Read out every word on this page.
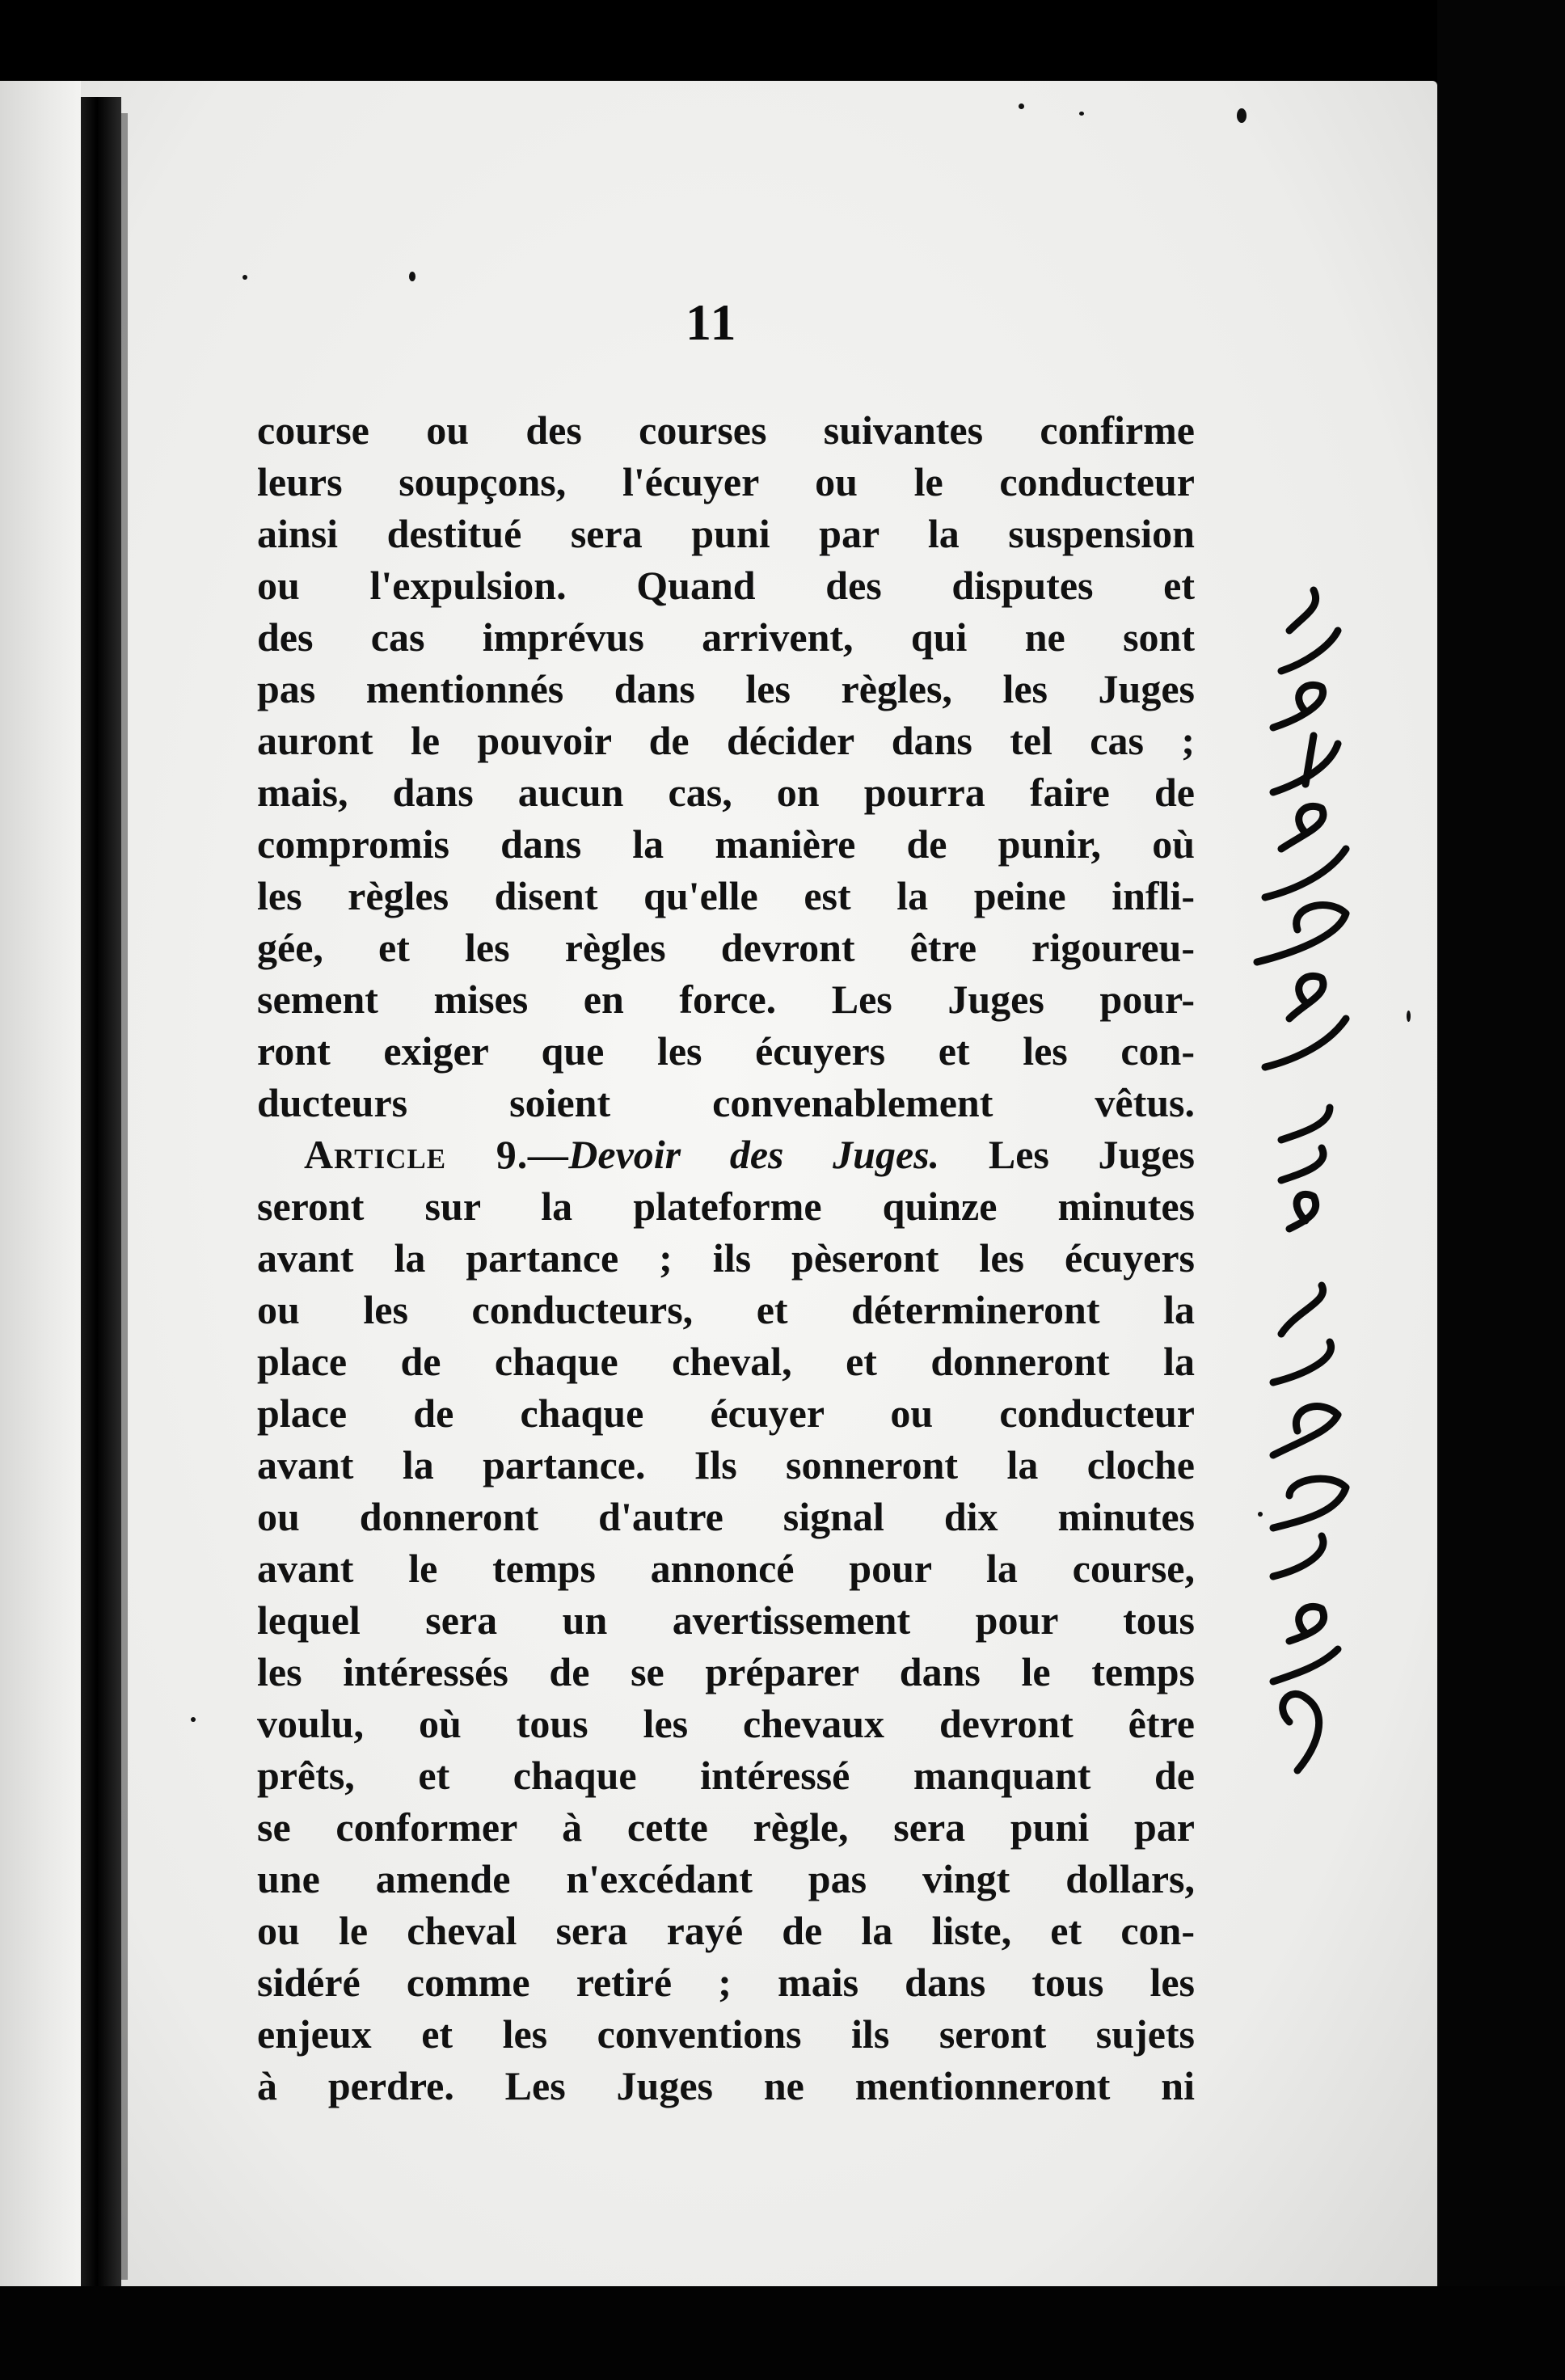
11
course ou des courses suivantes confirme
leurs soupçons, l'écuyer ou le conducteur
ainsi destitué sera puni par la suspension
ou l'expulsion. Quand des disputes et
des cas imprévus arrivent, qui ne sont
pas mentionnés dans les règles, les Juges
auront le pouvoir de décider dans tel cas ;
mais, dans aucun cas, on pourra faire de
compromis dans la manière de punir, où
les règles disent qu'elle est la peine infli-
gée, et les règles devront être rigoureu-
sement mises en force. Les Juges pour-
ront exiger que les écuyers et les con-
ducteurs soient convenablement vêtus.
Article 9.—Devoir des Juges. Les Juges
seront sur la plateforme quinze minutes
avant la partance ; ils pèseront les écuyers
ou les conducteurs, et détermineront la
place de chaque cheval, et donneront la
place de chaque écuyer ou conducteur
avant la partance. Ils sonneront la cloche
ou donneront d'autre signal dix minutes
avant le temps annoncé pour la course,
lequel sera un avertissement pour tous
les intéressés de se préparer dans le temps
voulu, où tous les chevaux devront être
prêts, et chaque intéressé manquant de
se conformer à cette règle, sera puni par
une amende n'excédant pas vingt dollars,
ou le cheval sera rayé de la liste, et con-
sidéré comme retiré ; mais dans tous les
enjeux et les conventions ils seront sujets
à perdre. Les Juges ne mentionneront ni
